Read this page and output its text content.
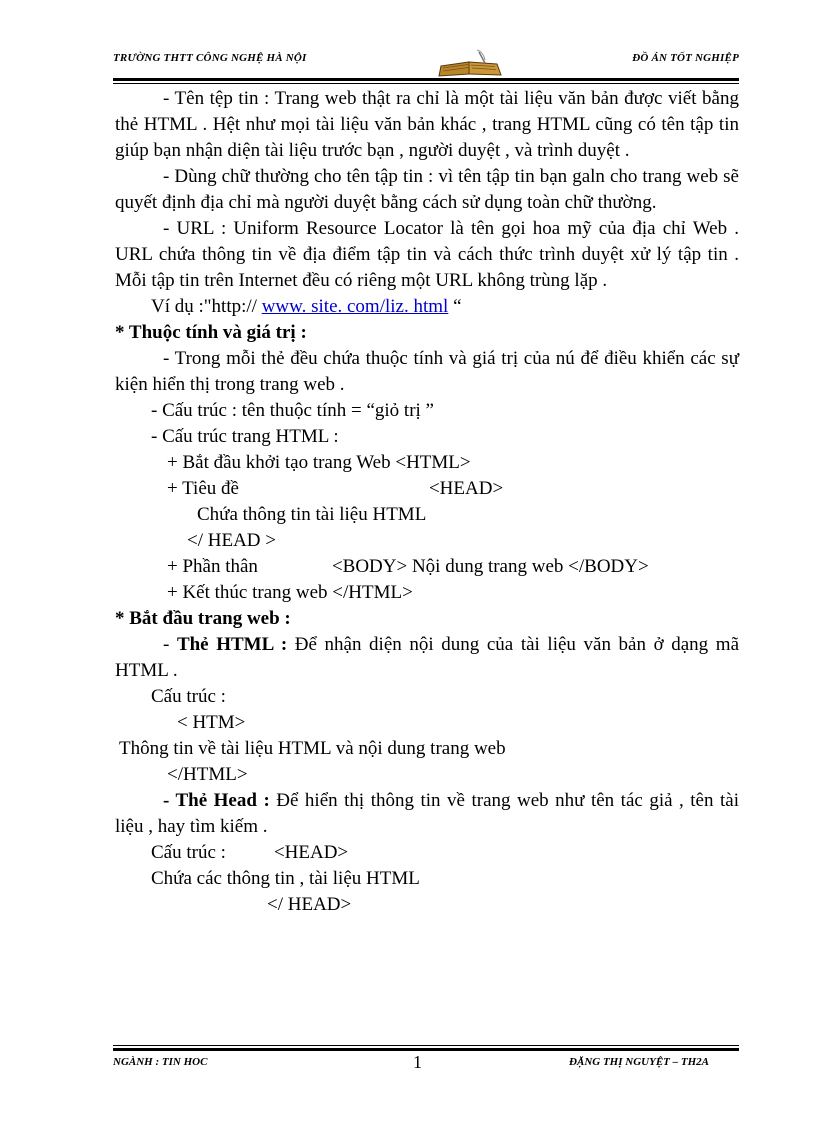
TRƯỜNG THTT CÔNG NGHỆ HÀ NỘI	ĐỒ ÁN TỐT NGHIỆP

- Tên tệp tin : Trang web thật ra chỉ là một tài liệu văn bản được viết bằng thẻ HTML . Hệt như mọi tài liệu văn bản khác , trang HTML cũng có tên tập tin giúp bạn nhận diện tài liệu trước bạn , người duyệt , và trình duyệt .

- Dùng chữ thường cho tên tập tin : vì tên tập tin bạn galn cho trang web sẽ quyết định địa chỉ mà người duyệt bằng cách sử dụng toàn chữ thường.

- URL : Uniform Resource Locator là tên gọi hoa mỹ của địa chỉ Web . URL chứa thông tin về địa điểm tập tin và cách thức trình duyệt xử lý tập tin . Mỗi tập tin trên Internet đều có riêng một URL không trùng lặp .

Ví dụ :"http:// www. site. com/liz. html “

* Thuộc tính và giá trị :

- Trong mỗi thẻ đều chứa thuộc tính và giá trị của nú để điều khiển các sự kiện hiển thị trong trang web .

- Cấu trúc : tên thuộc tính = “giỏ trị ”

- Cấu trúc trang HTML :

+ Bắt đầu khởi tạo trang Web <HTML>

+ Tiêu đề	<HEAD>

Chứa thông tin tài liệu HTML

</ HEAD >

+ Phần thân	<BODY> Nội dung trang web </BODY>

+ Kết thúc trang web </HTML>

* Bắt đầu trang web :

- Thẻ HTML : Để nhận diện nội dung của tài liệu văn bản ở dạng mã HTML .

Cấu trúc :

< HTM>

Thông tin về tài liệu HTML và nội dung trang web

</HTML>

- Thẻ Head : Để hiển thị thông tin về trang web như tên tác giả , tên tài liệu , hay tìm kiếm .

Cấu trúc :	<HEAD>

Chứa các thông tin , tài liệu HTML

</ HEAD>

NGÀNH : TIN HOC	1	ĐẶNG THỊ NGUYỆT – TH2A
